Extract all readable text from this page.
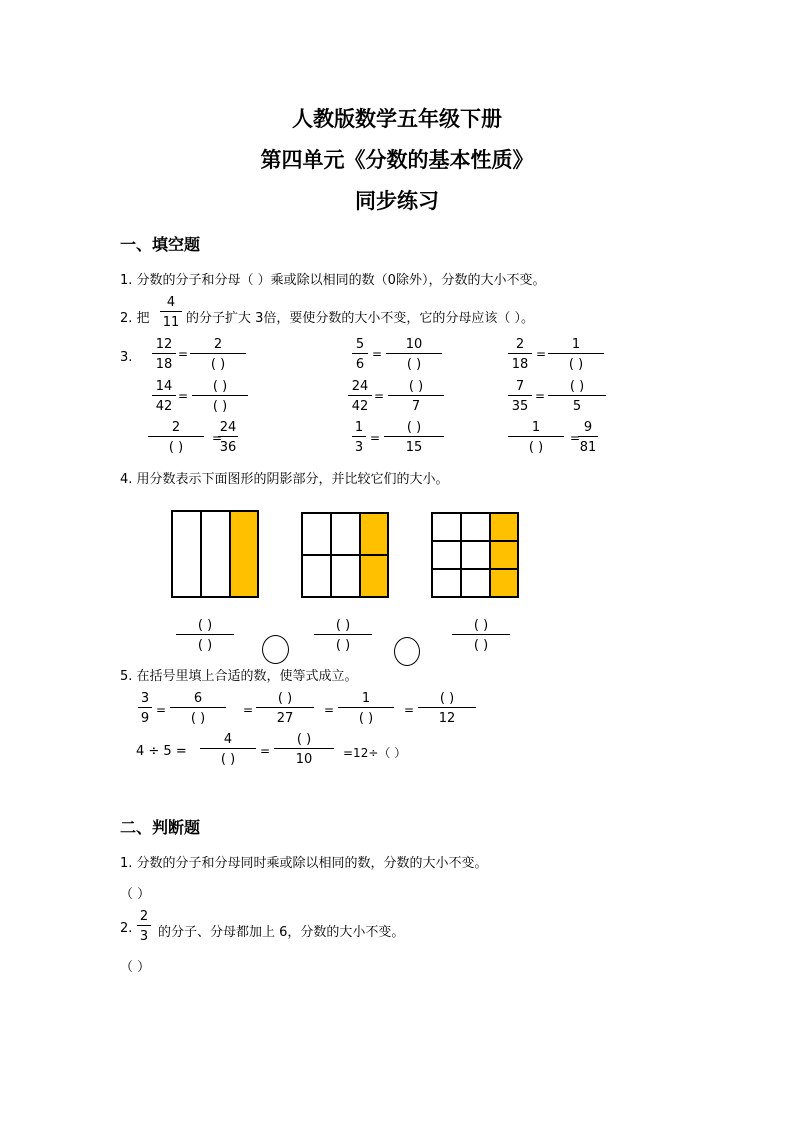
人教版数学五年级下册
第四单元《分数的基本性质》
同步练习
一、填空题
1. 分数的分子和分母（ ）乘或除以相同的数（0除外），分数的大小不变。
2. 把
4
11 的分子扩大 3倍，要使分数的大小不变，它的分母应该（ ）。
3.
12
18
=
2
( )
5
6
=
10
( )
2
18
=
1
( )
14
42
=
( )
( )
24
42
=
( )
7
7
35
=
( )
5
2
( )
=
24
36
1
3
=
( )
15
1
( )
=
9
81
4. 用分数表示下面图形的阴影部分，并比较它们的大小。
( )
( )
( )
( )
( )
( )
5. 在括号里填上合适的数，使等式成立。
3
9
=
6
( )
=
( )
27
=
1
( )
=
( )
12
4 ÷ 5 =
4
( )
=
( )
10	=12÷（ ）
二、判断题
1. 分数的分子和分母同时乘或除以相同的数，分数的大小不变。
（ ）
2.
2
3 的分子、分母都加上 6，分数的大小不变。
（ ）
